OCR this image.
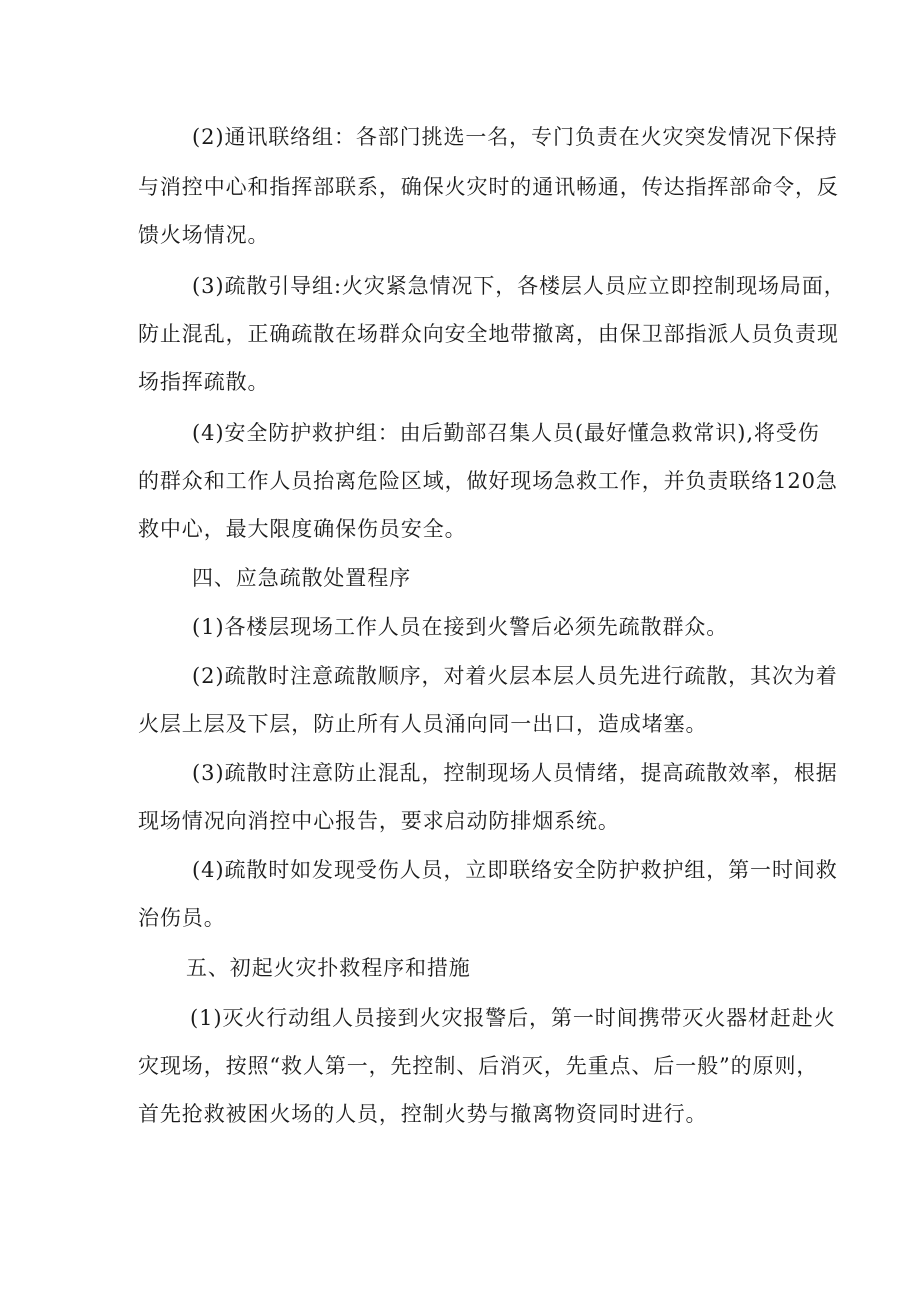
(2)通讯联络组：各部门挑选一名，专门负责在火灾突发情况下保持
与消控中心和指挥部联系，确保火灾时的通讯畅通，传达指挥部命令，反
馈火场情况。
(3)疏散引导组:火灾紧急情况下，各楼层人员应立即控制现场局面，
防止混乱，正确疏散在场群众向安全地带撤离，由保卫部指派人员负责现
场指挥疏散。
(4)安全防护救护组：由后勤部召集人员(最好懂急救常识),将受伤
的群众和工作人员抬离危险区域，做好现场急救工作，并负责联络120急
救中心，最大限度确保伤员安全。
四、应急疏散处置程序
(1)各楼层现场工作人员在接到火警后必须先疏散群众。
(2)疏散时注意疏散顺序，对着火层本层人员先进行疏散，其次为着
火层上层及下层，防止所有人员涌向同一出口，造成堵塞。
(3)疏散时注意防止混乱，控制现场人员情绪，提高疏散效率，根据
现场情况向消控中心报告，要求启动防排烟系统。
(4)疏散时如发现受伤人员，立即联络安全防护救护组，第一时间救
治伤员。
五、初起火灾扑救程序和措施
(1)灭火行动组人员接到火灾报警后，第一时间携带灭火器材赶赴火
灾现场，按照“救人第一，先控制、后消灭，先重点、后一般”的原则，
首先抢救被困火场的人员，控制火势与撤离物资同时进行。
